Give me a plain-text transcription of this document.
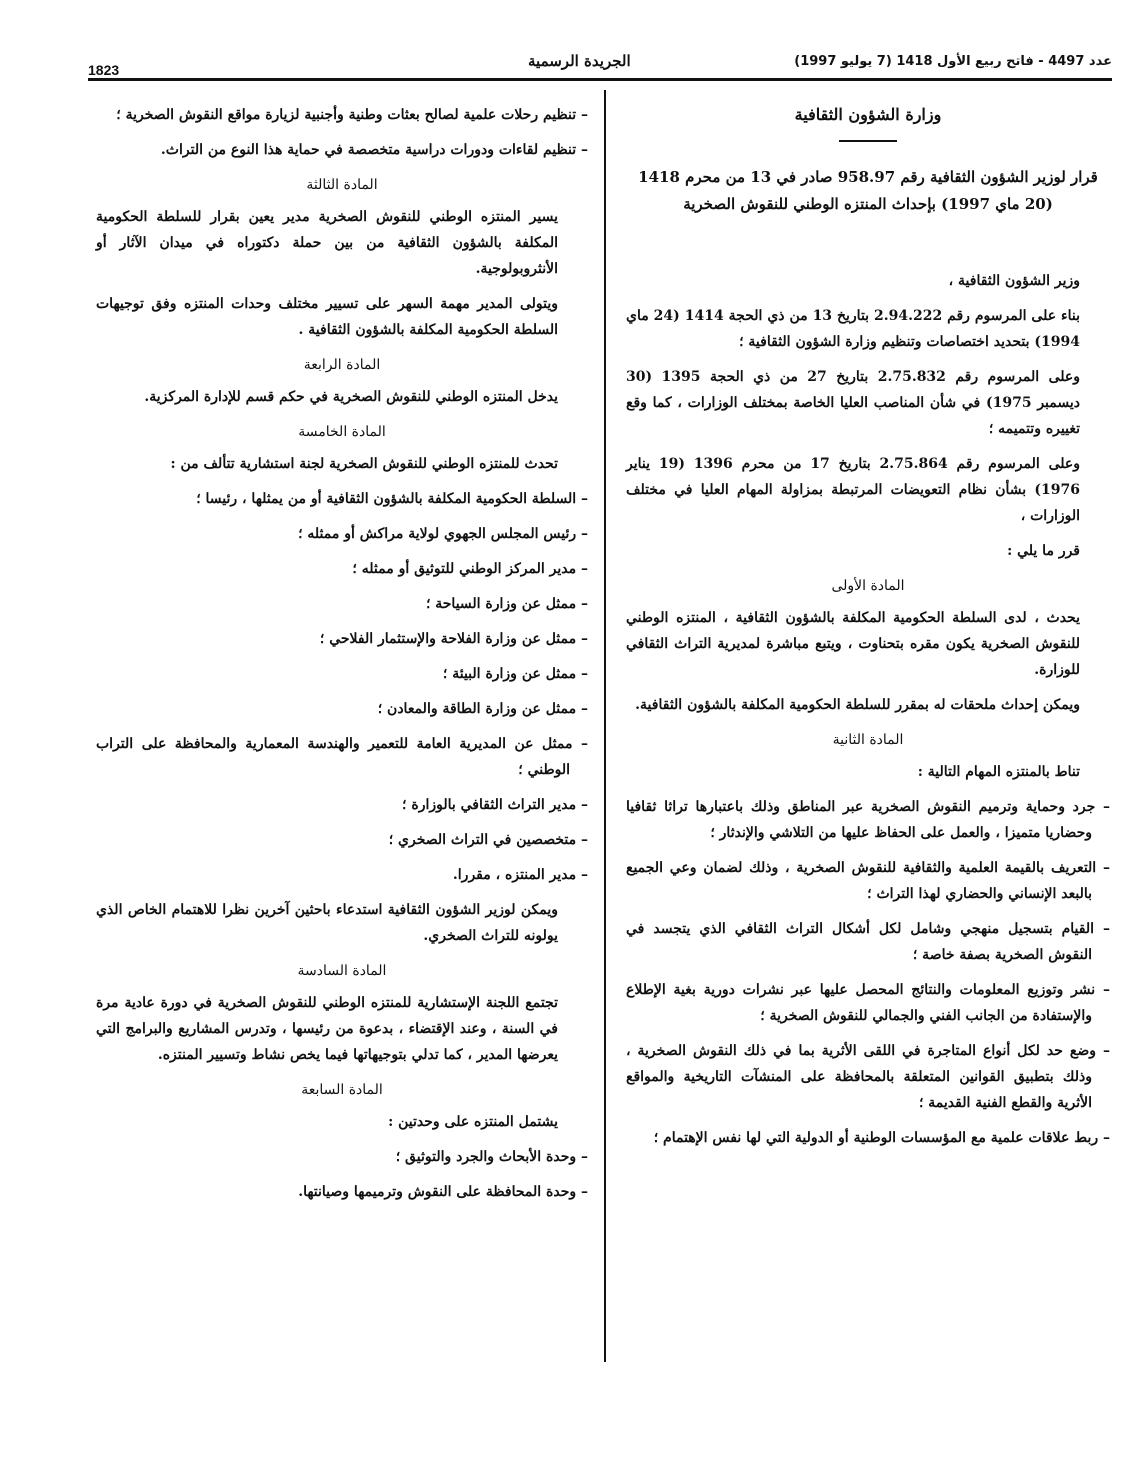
عدد 4497 - فاتح ربيع الأول 1418 (7 يوليو 1997)
الجريدة الرسمية
1823
وزارة الشؤون الثقافية

قرار لوزير الشؤون الثقافية رقم 958.97 صادر في 13 من محرم 1418 (20 ماي 1997) بإحداث المنتزه الوطني للنقوش الصخرية

وزير الشؤون الثقافية ،

بناء على المرسوم رقم 2.94.222 بتاريخ 13 من ذي الحجة 1414 (24 ماي 1994) بتحديد اختصاصات وتنظيم وزارة الشؤون الثقافية ؛

وعلى المرسوم رقم 2.75.832 بتاريخ 27 من ذي الحجة 1395 (30 ديسمبر 1975) في شأن المناصب العليا الخاصة بمختلف الوزارات ، كما وقع تغييره وتتميمه ؛

وعلى المرسوم رقم 2.75.864 بتاريخ 17 من محرم 1396 (19 يناير 1976) بشأن نظام التعويضات المرتبطة بمزاولة المهام العليا في مختلف الوزارات ،

قرر ما يلي :

المادة الأولى

يحدث ، لدى السلطة الحكومية المكلفة بالشؤون الثقافية ، المنتزه الوطني للنقوش الصخرية يكون مقره بتحناوت ، ويتبع مباشرة لمديرية التراث الثقافي للوزارة.

ويمكن إحداث ملحقات له بمقرر للسلطة الحكومية المكلفة بالشؤون الثقافية.

المادة الثانية

تناط بالمنتزه المهام التالية :

– جرد وحماية وترميم النقوش الصخرية عبر المناطق وذلك باعتبارها تراثا ثقافيا وحضاريا متميزا ، والعمل على الحفاظ عليها من التلاشي والإندثار ؛

– التعريف بالقيمة العلمية والثقافية للنقوش الصخرية ، وذلك لضمان وعي الجميع بالبعد الإنساني والحضاري لهذا التراث ؛

– القيام بتسجيل منهجي وشامل لكل أشكال التراث الثقافي الذي يتجسد في النقوش الصخرية بصفة خاصة ؛

– نشر وتوزيع المعلومات والنتائج المحصل عليها عبر نشرات دورية بغية الإطلاع والإستفادة من الجانب الفني والجمالي للنقوش الصخرية ؛

– وضع حد لكل أنواع المتاجرة في اللقى الأثرية بما في ذلك النقوش الصخرية ، وذلك بتطبيق القوانين المتعلقة بالمحافظة على المنشآت التاريخية والمواقع الأثرية والقطع الفنية القديمة ؛

– ربط علاقات علمية مع المؤسسات الوطنية أو الدولية التي لها نفس الإهتمام ؛

– تنظيم رحلات علمية لصالح بعثات وطنية وأجنبية لزيارة مواقع النقوش الصخرية ؛

– تنظيم لقاءات ودورات دراسية متخصصة في حماية هذا النوع من التراث.

المادة الثالثة

يسير المنتزه الوطني للنقوش الصخرية مدير يعين بقرار للسلطة الحكومية المكلفة بالشؤون الثقافية من بين حملة دكتوراه في ميدان الآثار أو الأنثروبولوجية.

ويتولى المدير مهمة السهر على تسيير مختلف وحدات المنتزه وفق توجيهات السلطة الحكومية المكلفة بالشؤون الثقافية .

المادة الرابعة

يدخل المنتزه الوطني للنقوش الصخرية في حكم قسم للإدارة المركزية.

المادة الخامسة

تحدث للمنتزه الوطني للنقوش الصخرية لجنة استشارية تتألف من :

– السلطة الحكومية المكلفة بالشؤون الثقافية أو من يمثلها ، رئيسا ؛

– رئيس المجلس الجهوي لولاية مراكش أو ممثله ؛

– مدير المركز الوطني للتوثيق أو ممثله ؛

– ممثل عن وزارة السياحة ؛

– ممثل عن وزارة الفلاحة والإستثمار الفلاحي ؛

– ممثل عن وزارة البيئة ؛

– ممثل عن وزارة الطاقة والمعادن ؛

– ممثل عن المديرية العامة للتعمير والهندسة المعمارية والمحافظة على التراب الوطني ؛

– مدير التراث الثقافي بالوزارة ؛

– متخصصين في التراث الصخري ؛

– مدير المنتزه ، مقررا.

ويمكن لوزير الشؤون الثقافية استدعاء باحثين آخرين نظرا للاهتمام الخاص الذي يولونه للتراث الصخري.

المادة السادسة

تجتمع اللجنة الإستشارية للمنتزه الوطني للنقوش الصخرية في دورة عادية مرة في السنة ، وعند الإقتضاء ، بدعوة من رئيسها ، وتدرس المشاريع والبرامج التي يعرضها المدير ، كما تدلي بتوجيهاتها فيما يخص نشاط وتسيير المنتزه.

المادة السابعة

يشتمل المنتزه على وحدتين :

– وحدة الأبحاث والجرد والتوثيق ؛

– وحدة المحافظة على النقوش وترميمها وصيانتها.
